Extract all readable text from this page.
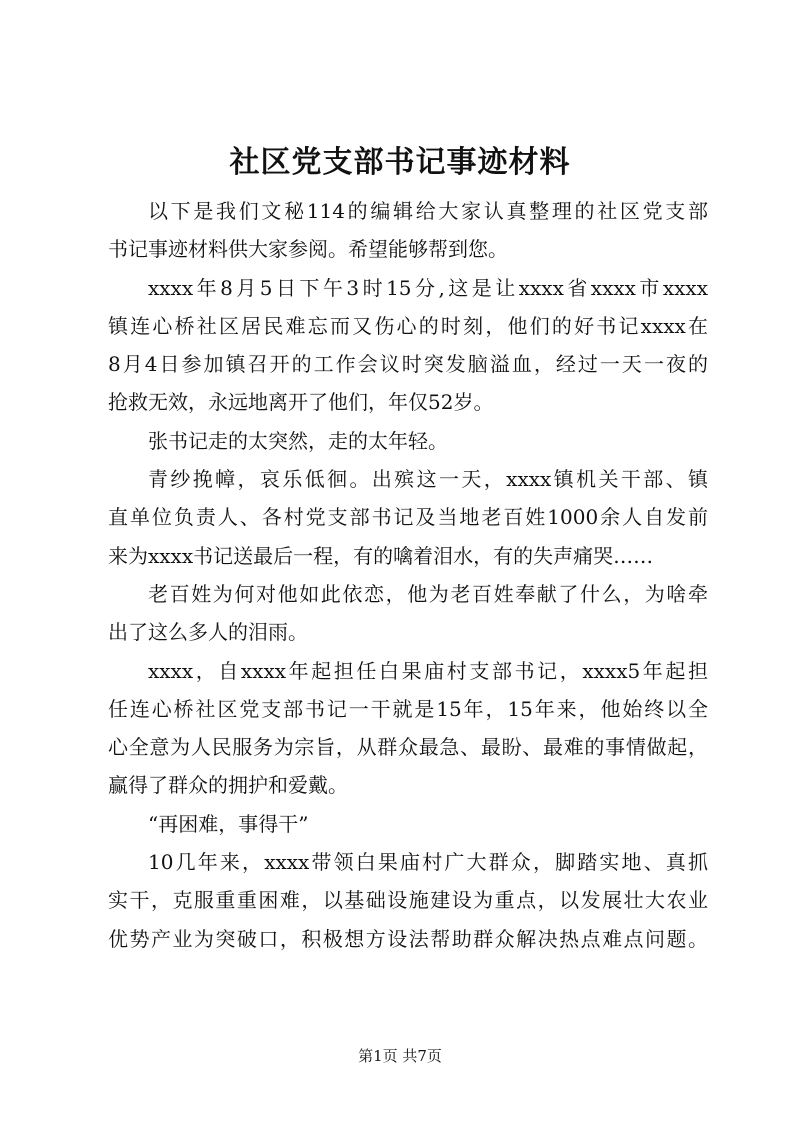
社区党支部书记事迹材料
以下是我们文秘114的编辑给大家认真整理的社区党支部
书记事迹材料供大家参阅。希望能够帮到您。
xxxx年8月5日下午3时15分,这是让xxxx省xxxx市xxxx
镇连心桥社区居民难忘而又伤心的时刻，他们的好书记xxxx在
8月4日参加镇召开的工作会议时突发脑溢血，经过一天一夜的
抢救无效，永远地离开了他们，年仅52岁。
张书记走的太突然，走的太年轻。
青纱挽幛，哀乐低徊。出殡这一天，xxxx镇机关干部、镇
直单位负责人、各村党支部书记及当地老百姓1000余人自发前
来为xxxx书记送最后一程，有的噙着泪水，有的失声痛哭……
老百姓为何对他如此依恋，他为老百姓奉献了什么，为啥牵
出了这么多人的泪雨。
xxxx，自xxxx年起担任白果庙村支部书记，xxxx5年起担
任连心桥社区党支部书记一干就是15年，15年来，他始终以全
心全意为人民服务为宗旨，从群众最急、最盼、最难的事情做起，
赢得了群众的拥护和爱戴。
“再困难，事得干”
10几年来，xxxx带领白果庙村广大群众，脚踏实地、真抓
实干，克服重重困难，以基础设施建设为重点，以发展壮大农业
优势产业为突破口，积极想方设法帮助群众解决热点难点问题。
第1页 共7页
